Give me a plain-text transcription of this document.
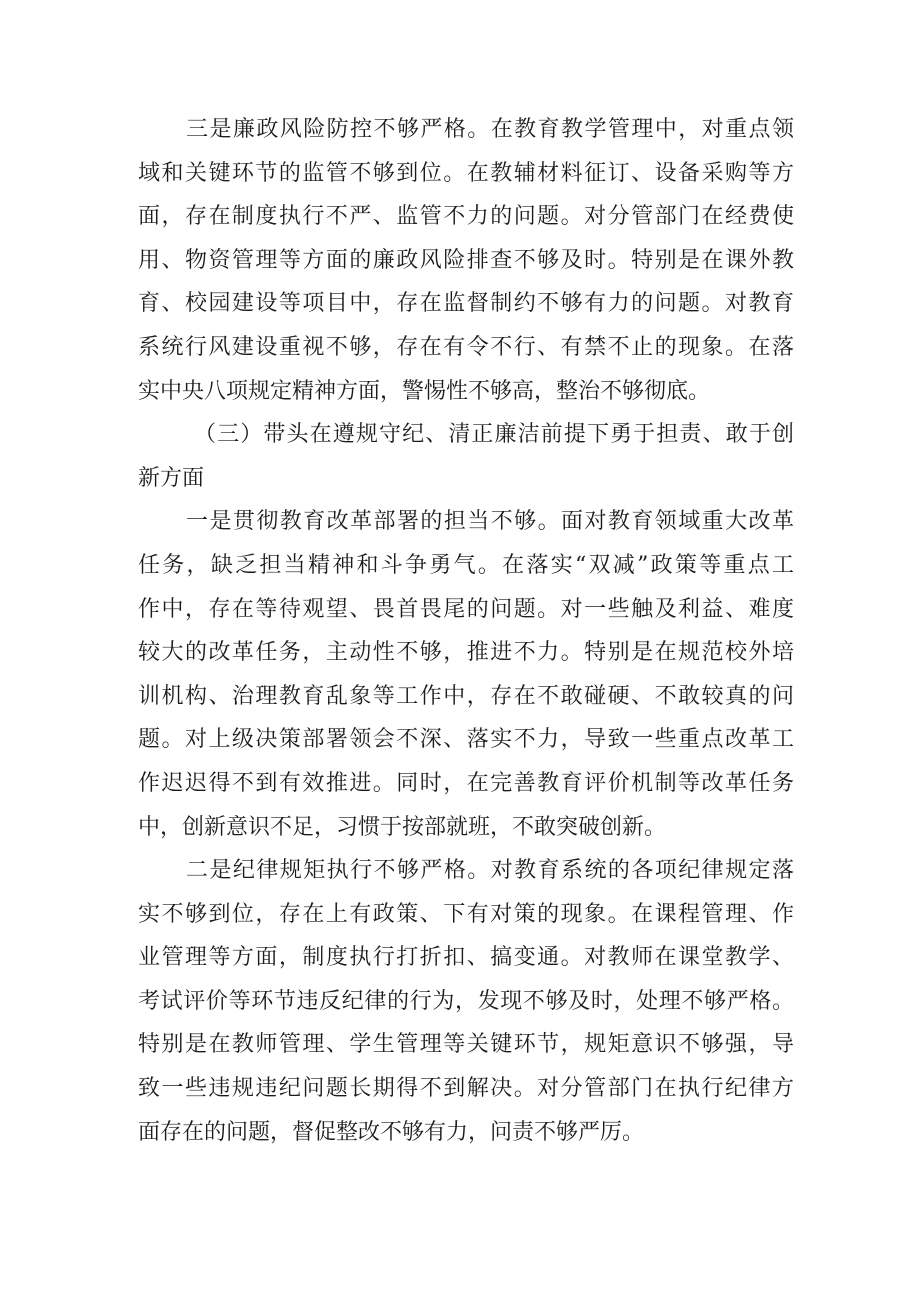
三是廉政风险防控不够严格。在教育教学管理中，对重点领
域和关键环节的监管不够到位。在教辅材料征订、设备采购等方
面，存在制度执行不严、监管不力的问题。对分管部门在经费使
用、物资管理等方面的廉政风险排查不够及时。特别是在课外教
育、校园建设等项目中，存在监督制约不够有力的问题。对教育
系统行风建设重视不够，存在有令不行、有禁不止的现象。在落
实中央八项规定精神方面，警惕性不够高，整治不够彻底。
（三）带头在遵规守纪、清正廉洁前提下勇于担责、敢于创
新方面
一是贯彻教育改革部署的担当不够。面对教育领域重大改革
任务，缺乏担当精神和斗争勇气。在落实“双减”政策等重点工
作中，存在等待观望、畏首畏尾的问题。对一些触及利益、难度
较大的改革任务，主动性不够，推进不力。特别是在规范校外培
训机构、治理教育乱象等工作中，存在不敢碰硬、不敢较真的问
题。对上级决策部署领会不深、落实不力，导致一些重点改革工
作迟迟得不到有效推进。同时，在完善教育评价机制等改革任务
中，创新意识不足，习惯于按部就班，不敢突破创新。
二是纪律规矩执行不够严格。对教育系统的各项纪律规定落
实不够到位，存在上有政策、下有对策的现象。在课程管理、作
业管理等方面，制度执行打折扣、搞变通。对教师在课堂教学、
考试评价等环节违反纪律的行为，发现不够及时，处理不够严格。
特别是在教师管理、学生管理等关键环节，规矩意识不够强，导
致一些违规违纪问题长期得不到解决。对分管部门在执行纪律方
面存在的问题，督促整改不够有力，问责不够严厉。
